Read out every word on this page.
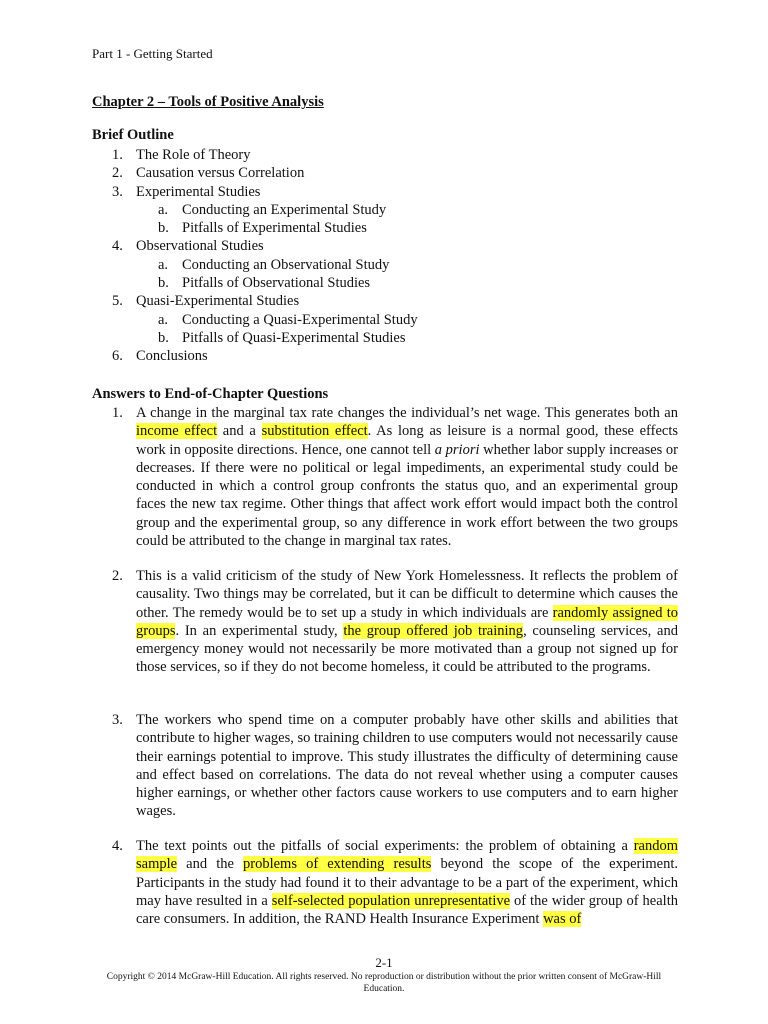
Part 1 - Getting Started
Chapter 2 – Tools of Positive Analysis
Brief Outline
1. The Role of Theory
2. Causation versus Correlation
3. Experimental Studies
a. Conducting an Experimental Study
b. Pitfalls of Experimental Studies
4. Observational Studies
a. Conducting an Observational Study
b. Pitfalls of Observational Studies
5. Quasi-Experimental Studies
a. Conducting a Quasi-Experimental Study
b. Pitfalls of Quasi-Experimental Studies
6. Conclusions
Answers to End-of-Chapter Questions
1. A change in the marginal tax rate changes the individual’s net wage. This generates both an income effect and a substitution effect. As long as leisure is a normal good, these effects work in opposite directions. Hence, one cannot tell a priori whether labor supply increases or decreases. If there were no political or legal impediments, an experimental study could be conducted in which a control group confronts the status quo, and an experimental group faces the new tax regime. Other things that affect work effort would impact both the control group and the experimental group, so any difference in work effort between the two groups could be attributed to the change in marginal tax rates.
2. This is a valid criticism of the study of New York Homelessness. It reflects the problem of causality. Two things may be correlated, but it can be difficult to determine which causes the other. The remedy would be to set up a study in which individuals are randomly assigned to groups. In an experimental study, the group offered job training, counseling services, and emergency money would not necessarily be more motivated than a group not signed up for those services, so if they do not become homeless, it could be attributed to the programs.
3. The workers who spend time on a computer probably have other skills and abilities that contribute to higher wages, so training children to use computers would not necessarily cause their earnings potential to improve. This study illustrates the difficulty of determining cause and effect based on correlations. The data do not reveal whether using a computer causes higher earnings, or whether other factors cause workers to use computers and to earn higher wages.
4. The text points out the pitfalls of social experiments: the problem of obtaining a random sample and the problems of extending results beyond the scope of the experiment. Participants in the study had found it to their advantage to be a part of the experiment, which may have resulted in a self-selected population unrepresentative of the wider group of health care consumers. In addition, the RAND Health Insurance Experiment was of
2-1
Copyright © 2014 McGraw-Hill Education. All rights reserved. No reproduction or distribution without the prior written consent of McGraw-Hill Education.
